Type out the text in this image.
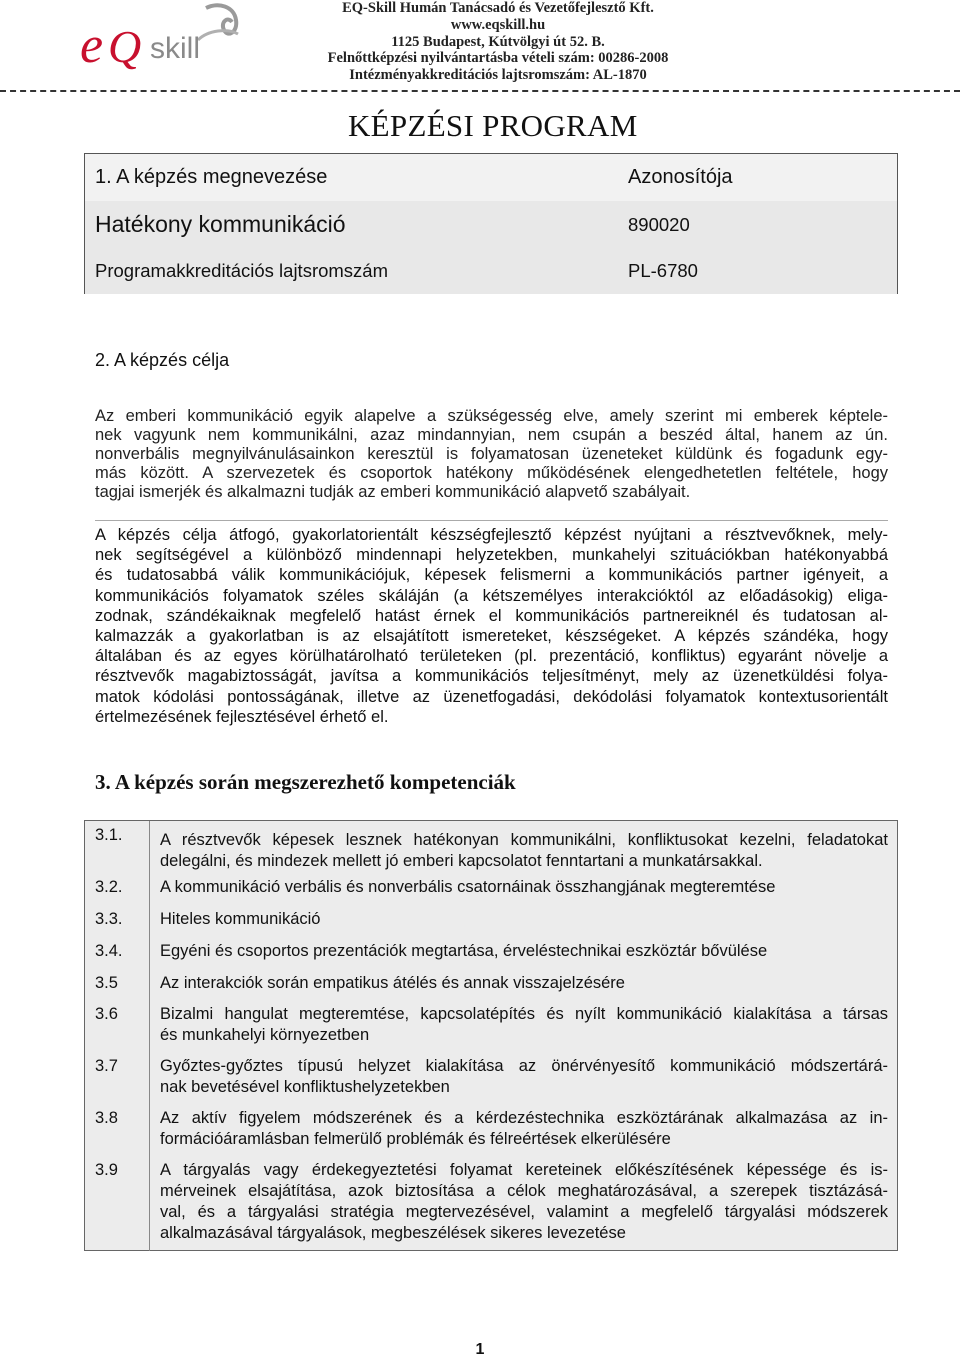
e Q skill
EQ-Skill Humán Tanácsadó és Vezetőfejlesztő Kft.
www.eqskill.hu
1125 Budapest, Kútvölgyi út 52. B.
Felnőttképzési nyilvántartásba vételi szám: 00286-2008
Intézményakkreditációs lajtsromszám: AL-1870
KÉPZÉSI PROGRAM
1. A képzés megnevezése	Azonosítója
Hatékony kommunikáció	890020
Programakkreditációs lajtsromszám	PL-6780
2. A képzés célja
Az emberi kommunikáció egyik alapelve a szükségesség elve, amely szerint mi emberek képtele-
nek vagyunk nem kommunikálni, azaz mindannyian, nem csupán a beszéd által, hanem az ún.
nonverbális megnyilvánulásainkon keresztül is folyamatosan üzeneteket küldünk és fogadunk egy-
más között. A szervezetek és csoportok hatékony működésének elengedhetetlen feltétele, hogy
tagjai ismerjék és alkalmazni tudják az emberi kommunikáció alapvető szabályait.
A képzés célja átfogó, gyakorlatorientált készségfejlesztő képzést nyújtani a résztvevőknek, mely-
nek segítségével a különböző mindennapi helyzetekben, munkahelyi szituációkban hatékonyabbá
és tudatosabbá válik kommunikációjuk, képesek felismerni a kommunikációs partner igényeit, a
kommunikációs folyamatok széles skáláján (a kétszemélyes interakcióktól az előadásokig) eliga-
zodnak, szándékaiknak megfelelő hatást érnek el kommunikációs partnereiknél és tudatosan al-
kalmazzák a gyakorlatban is az elsajátított ismereteket, készségeket. A képzés szándéka, hogy
általában és az egyes körülhatárolható területeken (pl. prezentáció, konfliktus) egyaránt növelje a
résztvevők magabiztosságát, javítsa a kommunikációs teljesítményt, mely az üzenetküldési folya-
matok kódolási pontosságának, illetve az üzenetfogadási, dekódolási folyamatok kontextusorientált
értelmezésének fejlesztésével érhető el.
3. A képzés során megszerezhető kompetenciák
3.1. A résztvevők képesek lesznek hatékonyan kommunikálni, konfliktusokat kezelni, feladatokat
delegálni, és mindezek mellett jó emberi kapcsolatot fenntartani a munkatársakkal.
3.2. A kommunikáció verbális és nonverbális csatornáinak összhangjának megteremtése
3.3. Hiteles kommunikáció
3.4. Egyéni és csoportos prezentációk megtartása, érveléstechnikai eszköztár bővülése
3.5	Az interakciók során empatikus átélés és annak visszajelzésére
3.6	Bizalmi hangulat megteremtése, kapcsolatépítés és nyílt kommunikáció kialakítása a társas
és munkahelyi környezetben
3.7	Győztes-győztes típusú helyzet kialakítása az önérvényesítő kommunikáció módszertárá-
nak bevetésével konfliktushelyzetekben
3.8	Az aktív figyelem módszerének és a kérdezéstechnika eszköztárának alkalmazása az in-
formációáramlásban felmerülő problémák és félreértések elkerülésére
3.9	A tárgyalás vagy érdekegyeztetési folyamat kereteinek előkészítésének képessége és is-
mérveinek elsajátítása, azok biztosítása a célok meghatározásával, a szerepek tisztázásá-
val, és a tárgyalási stratégia megtervezésével, valamint a megfelelő tárgyalási módszerek
alkalmazásával tárgyalások, megbeszélések sikeres levezetése
1
